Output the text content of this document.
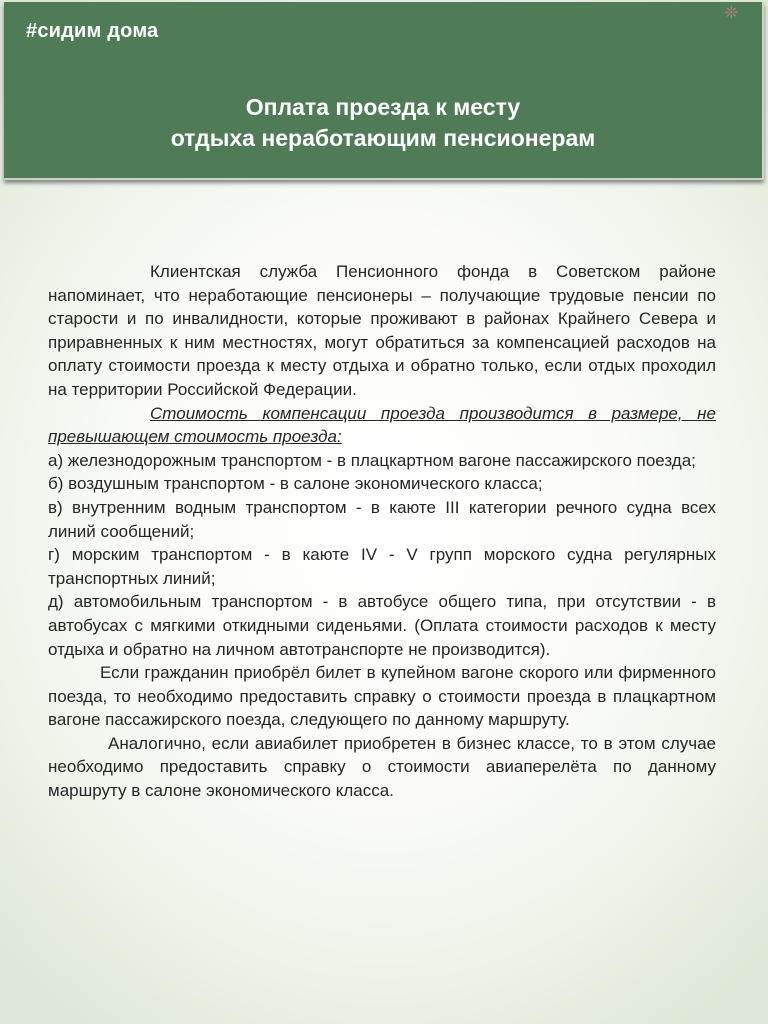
#сидим дома
❊
Оплата проезда к месту
отдыха неработающим пенсионерам

Клиентская служба Пенсионного фонда в Советском районе напоминает, что неработающие пенсионеры – получающие трудовые пенсии по старости и по инвалидности, которые проживают в районах Крайнего Севера и приравненных к ним местностях, могут обратиться за компенсацией расходов на оплату стоимости проезда к месту отдыха и обратно только, если отдых проходил на территории Российской Федерации.

Стоимость компенсации проезда производится в размере, не превышающем стоимость проезда:

а) железнодорожным транспортом - в плацкартном вагоне пассажирского поезда;

б) воздушным транспортом - в салоне экономического класса;

в) внутренним водным транспортом - в каюте III категории речного судна всех линий сообщений;

г) морским транспортом - в каюте IV - V групп морского судна регулярных транспортных линий;

д) автомобильным транспортом - в автобусе общего типа, при отсутствии - в автобусах с мягкими откидными сиденьями. (Оплата стоимости расходов к месту отдыха и обратно на личном автотранспорте не производится).

Если гражданин приобрёл билет в купейном вагоне скорого или фирменного поезда, то необходимо предоставить справку о стоимости проезда в плацкартном вагоне пассажирского поезда, следующего по данному маршруту.

Аналогично, если авиабилет приобретен в бизнес классе, то в этом случае необходимо предоставить справку о стоимости авиаперелёта по данному маршруту в салоне экономического класса.
